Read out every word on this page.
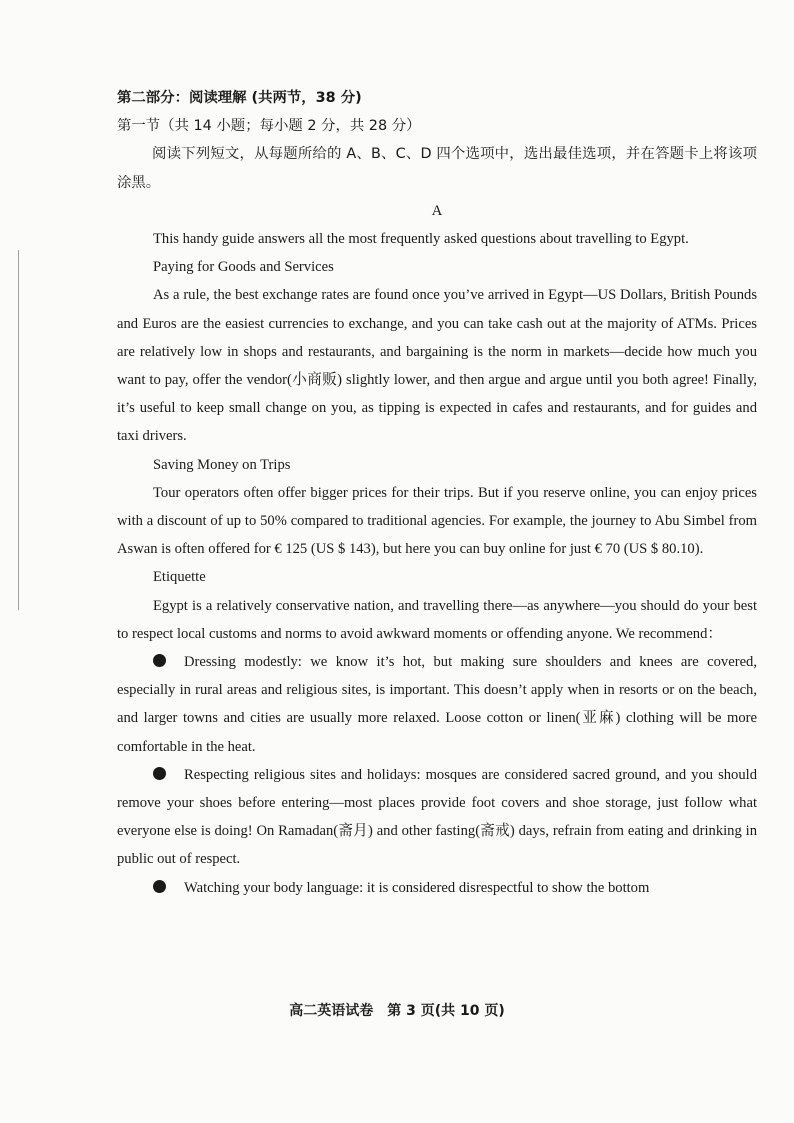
第二部分：阅读理解 (共两节，38 分)

第一节（共 14 小题；每小题 2 分，共 28 分）

阅读下列短文，从每题所给的 A、B、C、D 四个选项中，选出最佳选项，并在答题卡上将该项涂黑。

A

This handy guide answers all the most frequently asked questions about travelling to Egypt.

Paying for Goods and Services

As a rule, the best exchange rates are found once you’ve arrived in Egypt—US Dollars, British Pounds and Euros are the easiest currencies to exchange, and you can take cash out at the majority of ATMs. Prices are relatively low in shops and restaurants, and bargaining is the norm in markets—decide how much you want to pay, offer the vendor(小商贩) slightly lower, and then argue and argue until you both agree! Finally, it’s useful to keep small change on you, as tipping is expected in cafes and restaurants, and for guides and taxi drivers.

Saving Money on Trips

Tour operators often offer bigger prices for their trips. But if you reserve online, you can enjoy prices with a discount of up to 50% compared to traditional agencies. For example, the journey to Abu Simbel from Aswan is often offered for € 125 (US $ 143), but here you can buy online for just € 70 (US $ 80.10).

Etiquette

Egypt is a relatively conservative nation, and travelling there—as anywhere—you should do your best to respect local customs and norms to avoid awkward moments or offending anyone. We recommend：

Dressing modestly: we know it’s hot, but making sure shoulders and knees are covered, especially in rural areas and religious sites, is important. This doesn’t apply when in resorts or on the beach, and larger towns and cities are usually more relaxed. Loose cotton or linen(亚麻) clothing will be more comfortable in the heat.

Respecting religious sites and holidays: mosques are considered sacred ground, and you should remove your shoes before entering—most places provide foot covers and shoe storage, just follow what everyone else is doing! On Ramadan(斋月) and other fasting(斋戒) days, refrain from eating and drinking in public out of respect.

Watching your body language: it is considered disrespectful to show the bottom

高二英语试卷　第 3 页(共 10 页)
